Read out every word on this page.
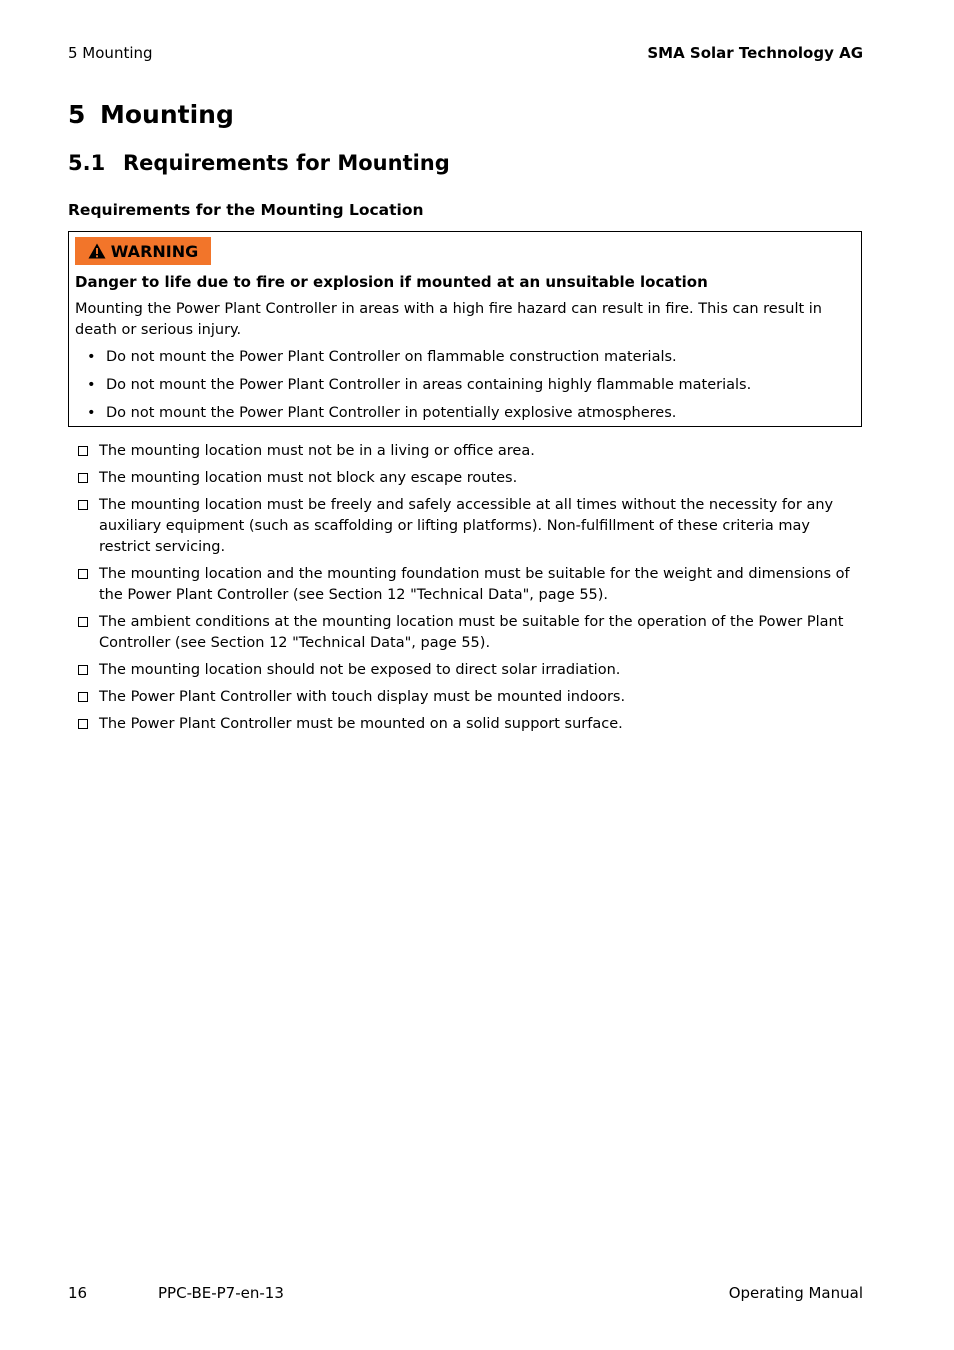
5 Mounting	SMA Solar Technology AG
5 Mounting
5.1 Requirements for Mounting
Requirements for the Mounting Location
WARNING
Danger to life due to fire or explosion if mounted at an unsuitable location
Mounting the Power Plant Controller in areas with a high fire hazard can result in fire. This can result in death or serious injury.
• Do not mount the Power Plant Controller on flammable construction materials.
• Do not mount the Power Plant Controller in areas containing highly flammable materials.
• Do not mount the Power Plant Controller in potentially explosive atmospheres.
The mounting location must not be in a living or office area.
The mounting location must not block any escape routes.
The mounting location must be freely and safely accessible at all times without the necessity for any auxiliary equipment (such as scaffolding or lifting platforms). Non-fulfillment of these criteria may restrict servicing.
The mounting location and the mounting foundation must be suitable for the weight and dimensions of the Power Plant Controller (see Section 12 "Technical Data", page 55).
The ambient conditions at the mounting location must be suitable for the operation of the Power Plant Controller (see Section 12 "Technical Data", page 55).
The mounting location should not be exposed to direct solar irradiation.
The Power Plant Controller with touch display must be mounted indoors.
The Power Plant Controller must be mounted on a solid support surface.
16	PPC-BE-P7-en-13	Operating Manual
